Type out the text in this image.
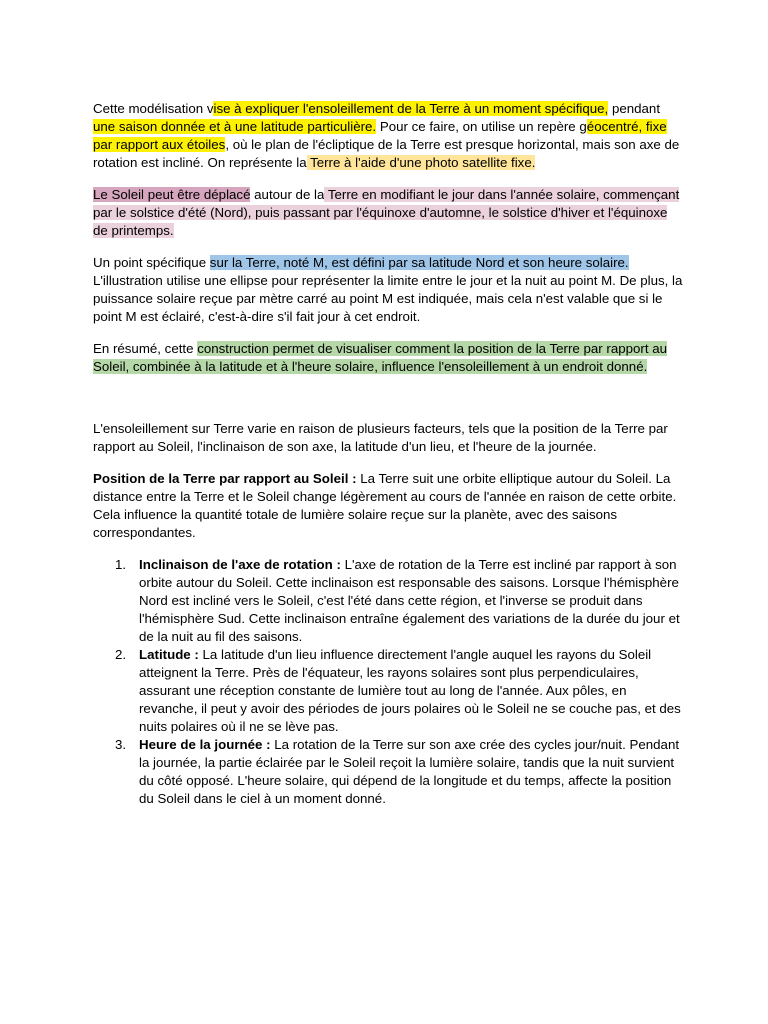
Cette modélisation vise à expliquer l'ensoleillement de la Terre à un moment spécifique, pendant une saison donnée et à une latitude particulière. Pour ce faire, on utilise un repère géocentré, fixe par rapport aux étoiles, où le plan de l'écliptique de la Terre est presque horizontal, mais son axe de rotation est incliné. On représente la Terre à l'aide d'une photo satellite fixe.

Le Soleil peut être déplacé autour de la Terre en modifiant le jour dans l'année solaire, commençant par le solstice d'été (Nord), puis passant par l'équinoxe d'automne, le solstice d'hiver et l'équinoxe de printemps.

Un point spécifique sur la Terre, noté M, est défini par sa latitude Nord et son heure solaire. L'illustration utilise une ellipse pour représenter la limite entre le jour et la nuit au point M. De plus, la puissance solaire reçue par mètre carré au point M est indiquée, mais cela n'est valable que si le point M est éclairé, c'est-à-dire s'il fait jour à cet endroit.

En résumé, cette construction permet de visualiser comment la position de la Terre par rapport au Soleil, combinée à la latitude et à l'heure solaire, influence l'ensoleillement à un endroit donné.

L'ensoleillement sur Terre varie en raison de plusieurs facteurs, tels que la position de la Terre par rapport au Soleil, l'inclinaison de son axe, la latitude d'un lieu, et l'heure de la journée.

Position de la Terre par rapport au Soleil : La Terre suit une orbite elliptique autour du Soleil. La distance entre la Terre et le Soleil change légèrement au cours de l'année en raison de cette orbite. Cela influence la quantité totale de lumière solaire reçue sur la planète, avec des saisons correspondantes.

1. Inclinaison de l'axe de rotation : L'axe de rotation de la Terre est incliné par rapport à son orbite autour du Soleil. Cette inclinaison est responsable des saisons. Lorsque l'hémisphère Nord est incliné vers le Soleil, c'est l'été dans cette région, et l'inverse se produit dans l'hémisphère Sud. Cette inclinaison entraîne également des variations de la durée du jour et de la nuit au fil des saisons.
2. Latitude : La latitude d'un lieu influence directement l'angle auquel les rayons du Soleil atteignent la Terre. Près de l'équateur, les rayons solaires sont plus perpendiculaires, assurant une réception constante de lumière tout au long de l'année. Aux pôles, en revanche, il peut y avoir des périodes de jours polaires où le Soleil ne se couche pas, et des nuits polaires où il ne se lève pas.
3. Heure de la journée : La rotation de la Terre sur son axe crée des cycles jour/nuit. Pendant la journée, la partie éclairée par le Soleil reçoit la lumière solaire, tandis que la nuit survient du côté opposé. L'heure solaire, qui dépend de la longitude et du temps, affecte la position du Soleil dans le ciel à un moment donné.
